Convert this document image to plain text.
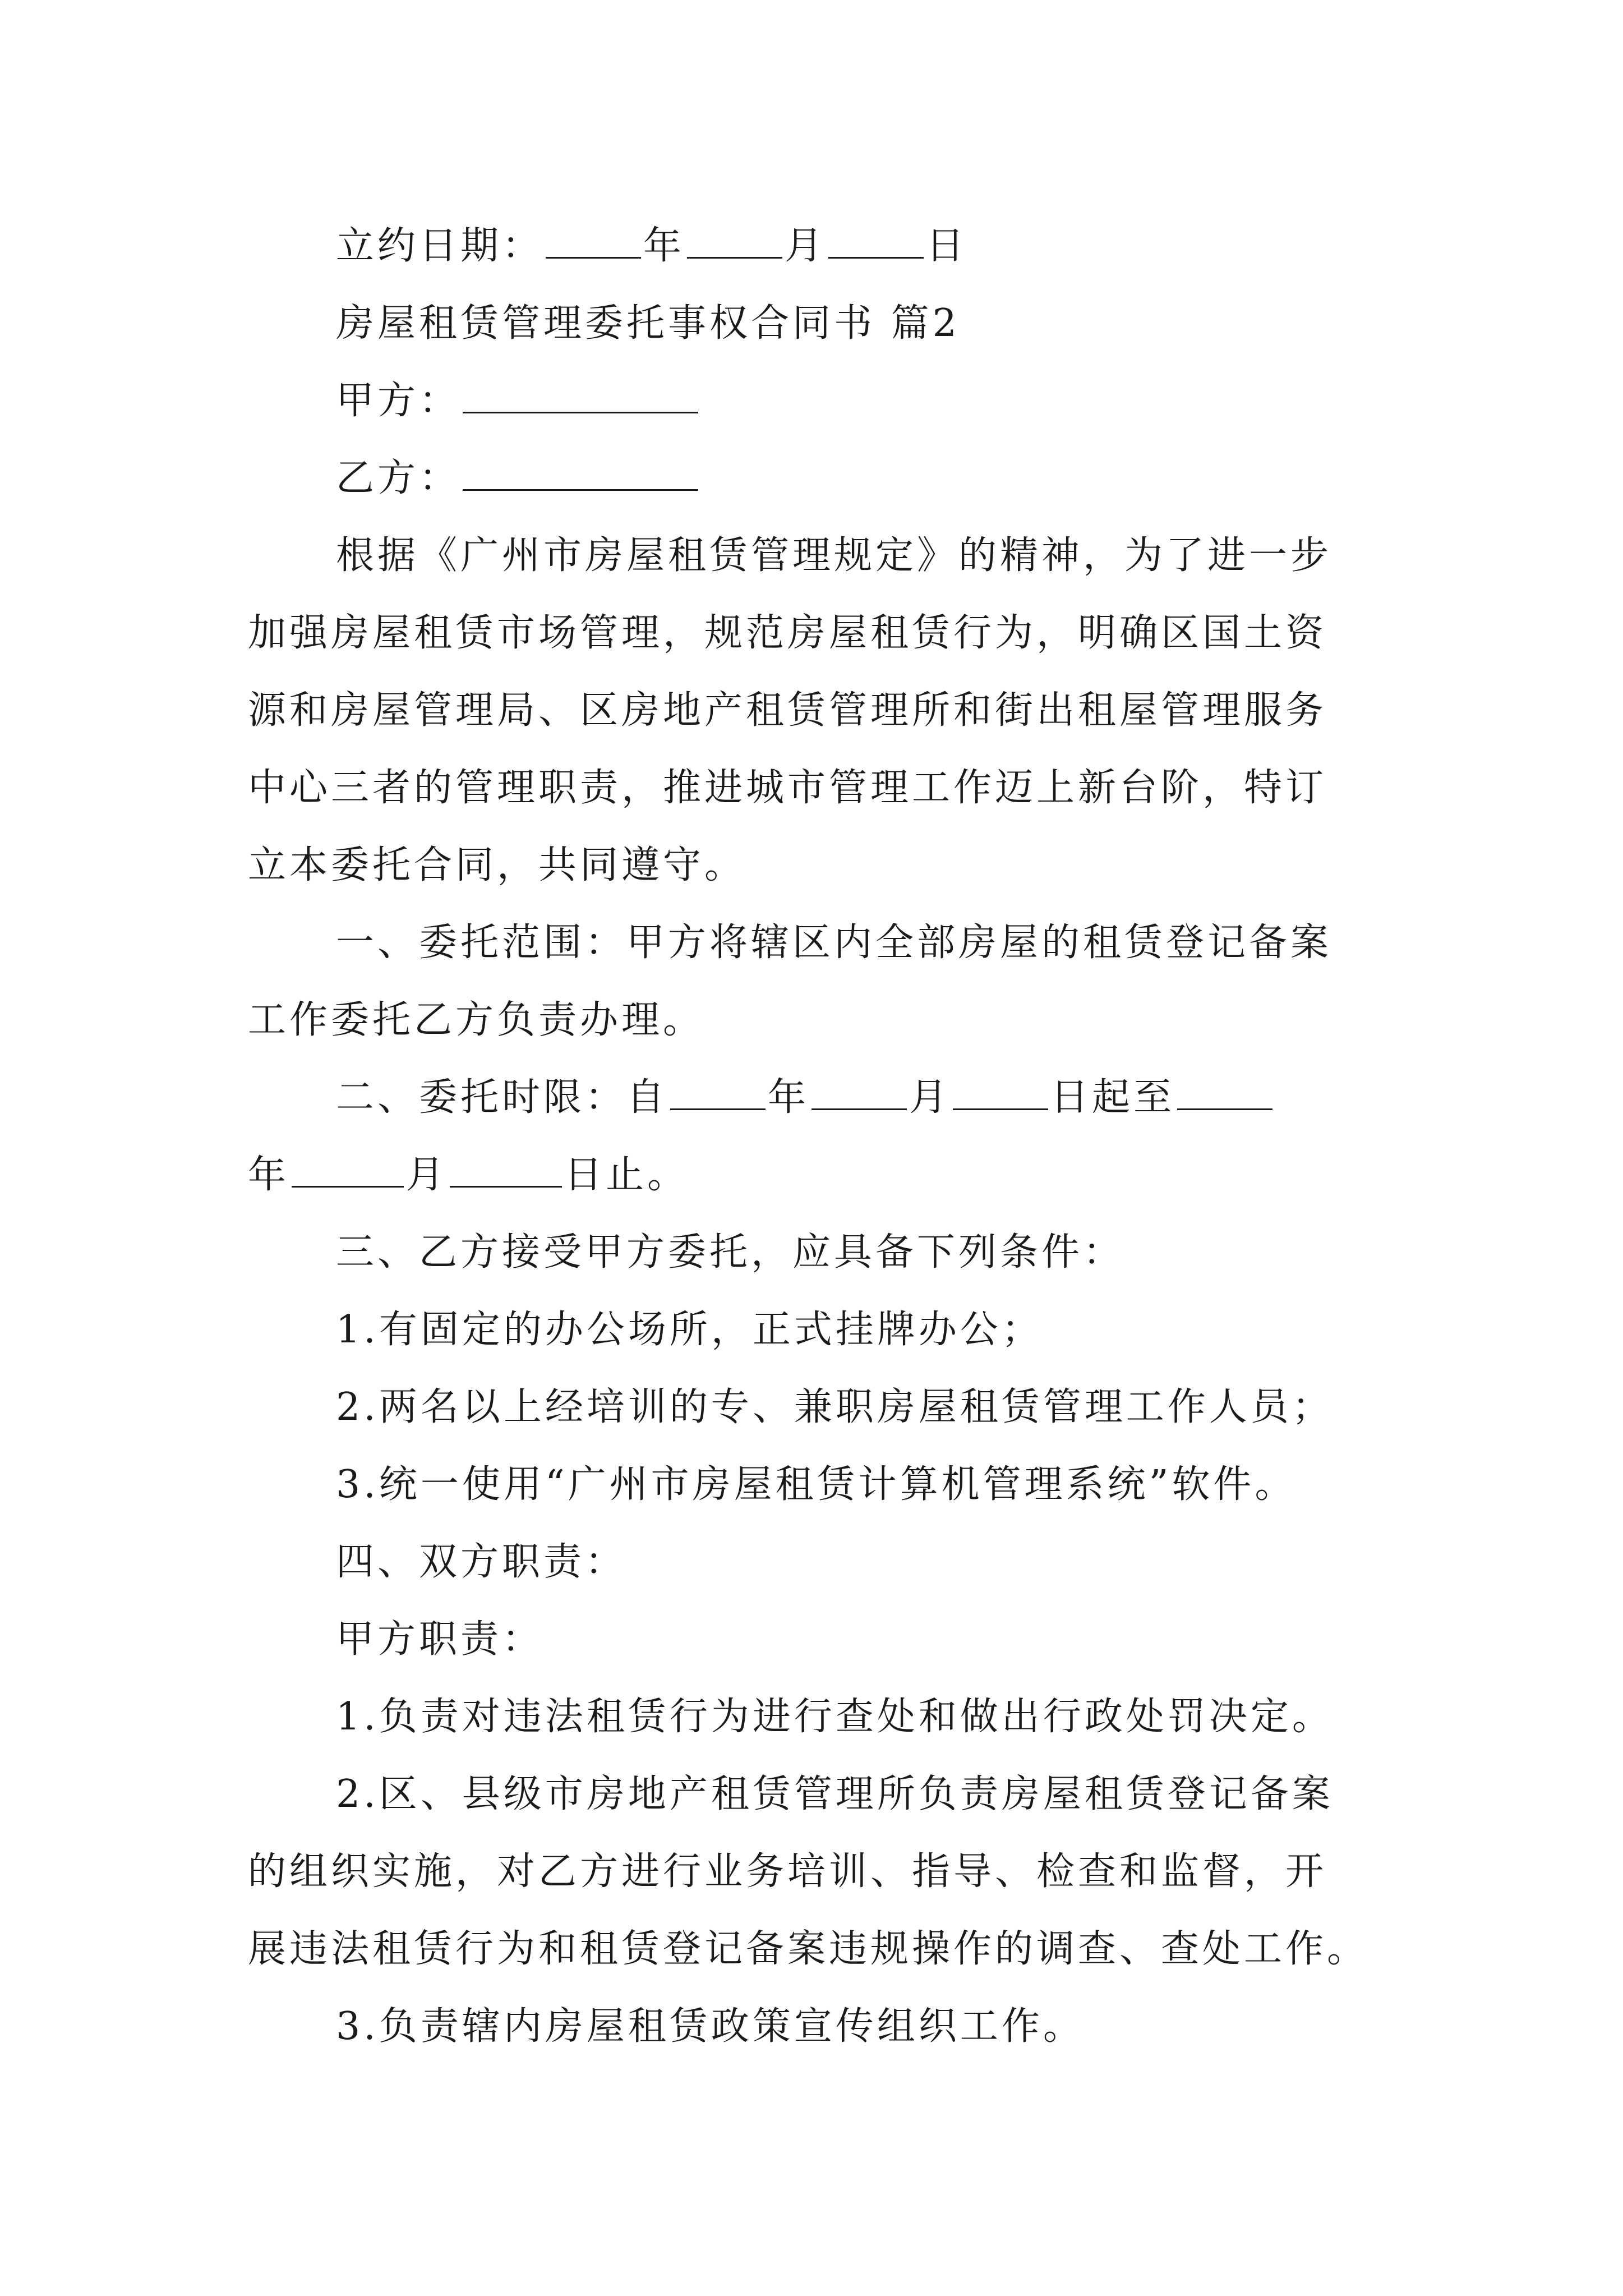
立约日期：	年	月	日
房屋租赁管理委托事权合同书 篇2
甲方：
乙方：
根据《广州市房屋租赁管理规定》的精神，为了进一步
加强房屋租赁市场管理，规范房屋租赁行为，明确区国土资
源和房屋管理局、区房地产租赁管理所和街出租屋管理服务
中心三者的管理职责，推进城市管理工作迈上新台阶，特订
立本委托合同，共同遵守。
一、委托范围：甲方将辖区内全部房屋的租赁登记备案
工作委托乙方负责办理。
二、委托时限：自	年	月	日起至
年	月	日止。
三、乙方接受甲方委托，应具备下列条件：
1.有固定的办公场所，正式挂牌办公；
2.两名以上经培训的专、兼职房屋租赁管理工作人员；
3.统一使用“广州市房屋租赁计算机管理系统”软件。
四、双方职责：
甲方职责：
1.负责对违法租赁行为进行查处和做出行政处罚决定。
2.区、县级市房地产租赁管理所负责房屋租赁登记备案
的组织实施，对乙方进行业务培训、指导、检查和监督，开
展违法租赁行为和租赁登记备案违规操作的调查、查处工作。
3.负责辖内房屋租赁政策宣传组织工作。
